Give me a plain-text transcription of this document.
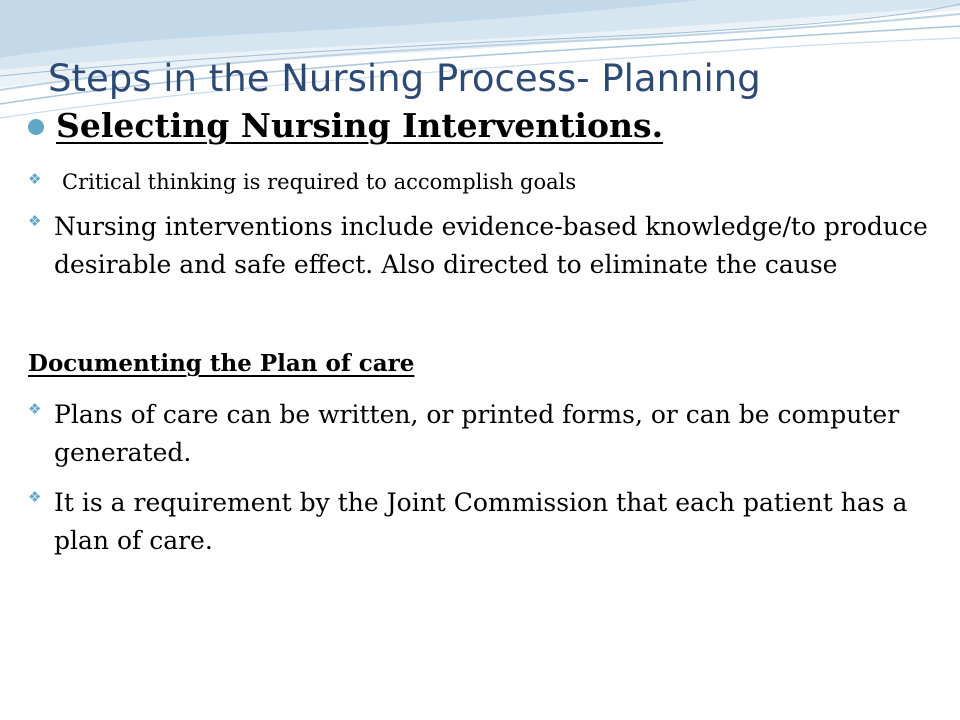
Steps in the Nursing Process- Planning
Selecting Nursing Interventions.
❖ Critical thinking is required to accomplish goals
❖ Nursing interventions include evidence-based knowledge/to produce desirable and safe effect. Also directed to eliminate the cause
Documenting the Plan of care
❖ Plans of care can be written, or printed forms, or can be computer generated.
❖ It is a requirement by the Joint Commission that each patient has a plan of care.
